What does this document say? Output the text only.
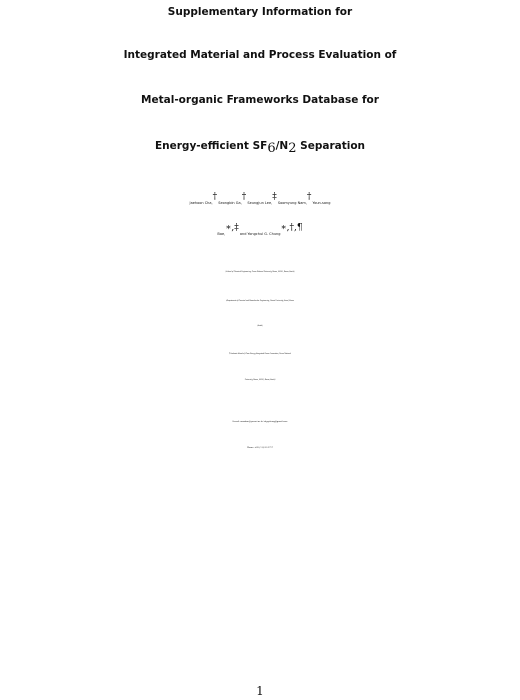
Supplementary Information for
Integrated Material and Process Evaluation of
Metal-organic Frameworks Database for
Energy-efficient $SF_6/N_2$ Separation
Jaehoon Cha,† Seongbin Ga,† Seungjun Lee,‡ Soomyung Nam,† Youn-sang
Bae,∗,‡ and Yongchul G. Chung∗,†,¶
†School of Chemical Engineering, Pusan National University, Busan, 46241, Korea (South)
‡Department of Chemical and Biomolecular Engineering, Yonsei University, Seoul, Korea
(South)
¶Graduate School of Clean Energy Integrated Power Generation, Pusan National
University, Busan, 46241, Korea (South)
E-mail: mowbae@yonsei.ac.kr; drygchung@gmail.com
Phone: +82 (51)510 3757
1
